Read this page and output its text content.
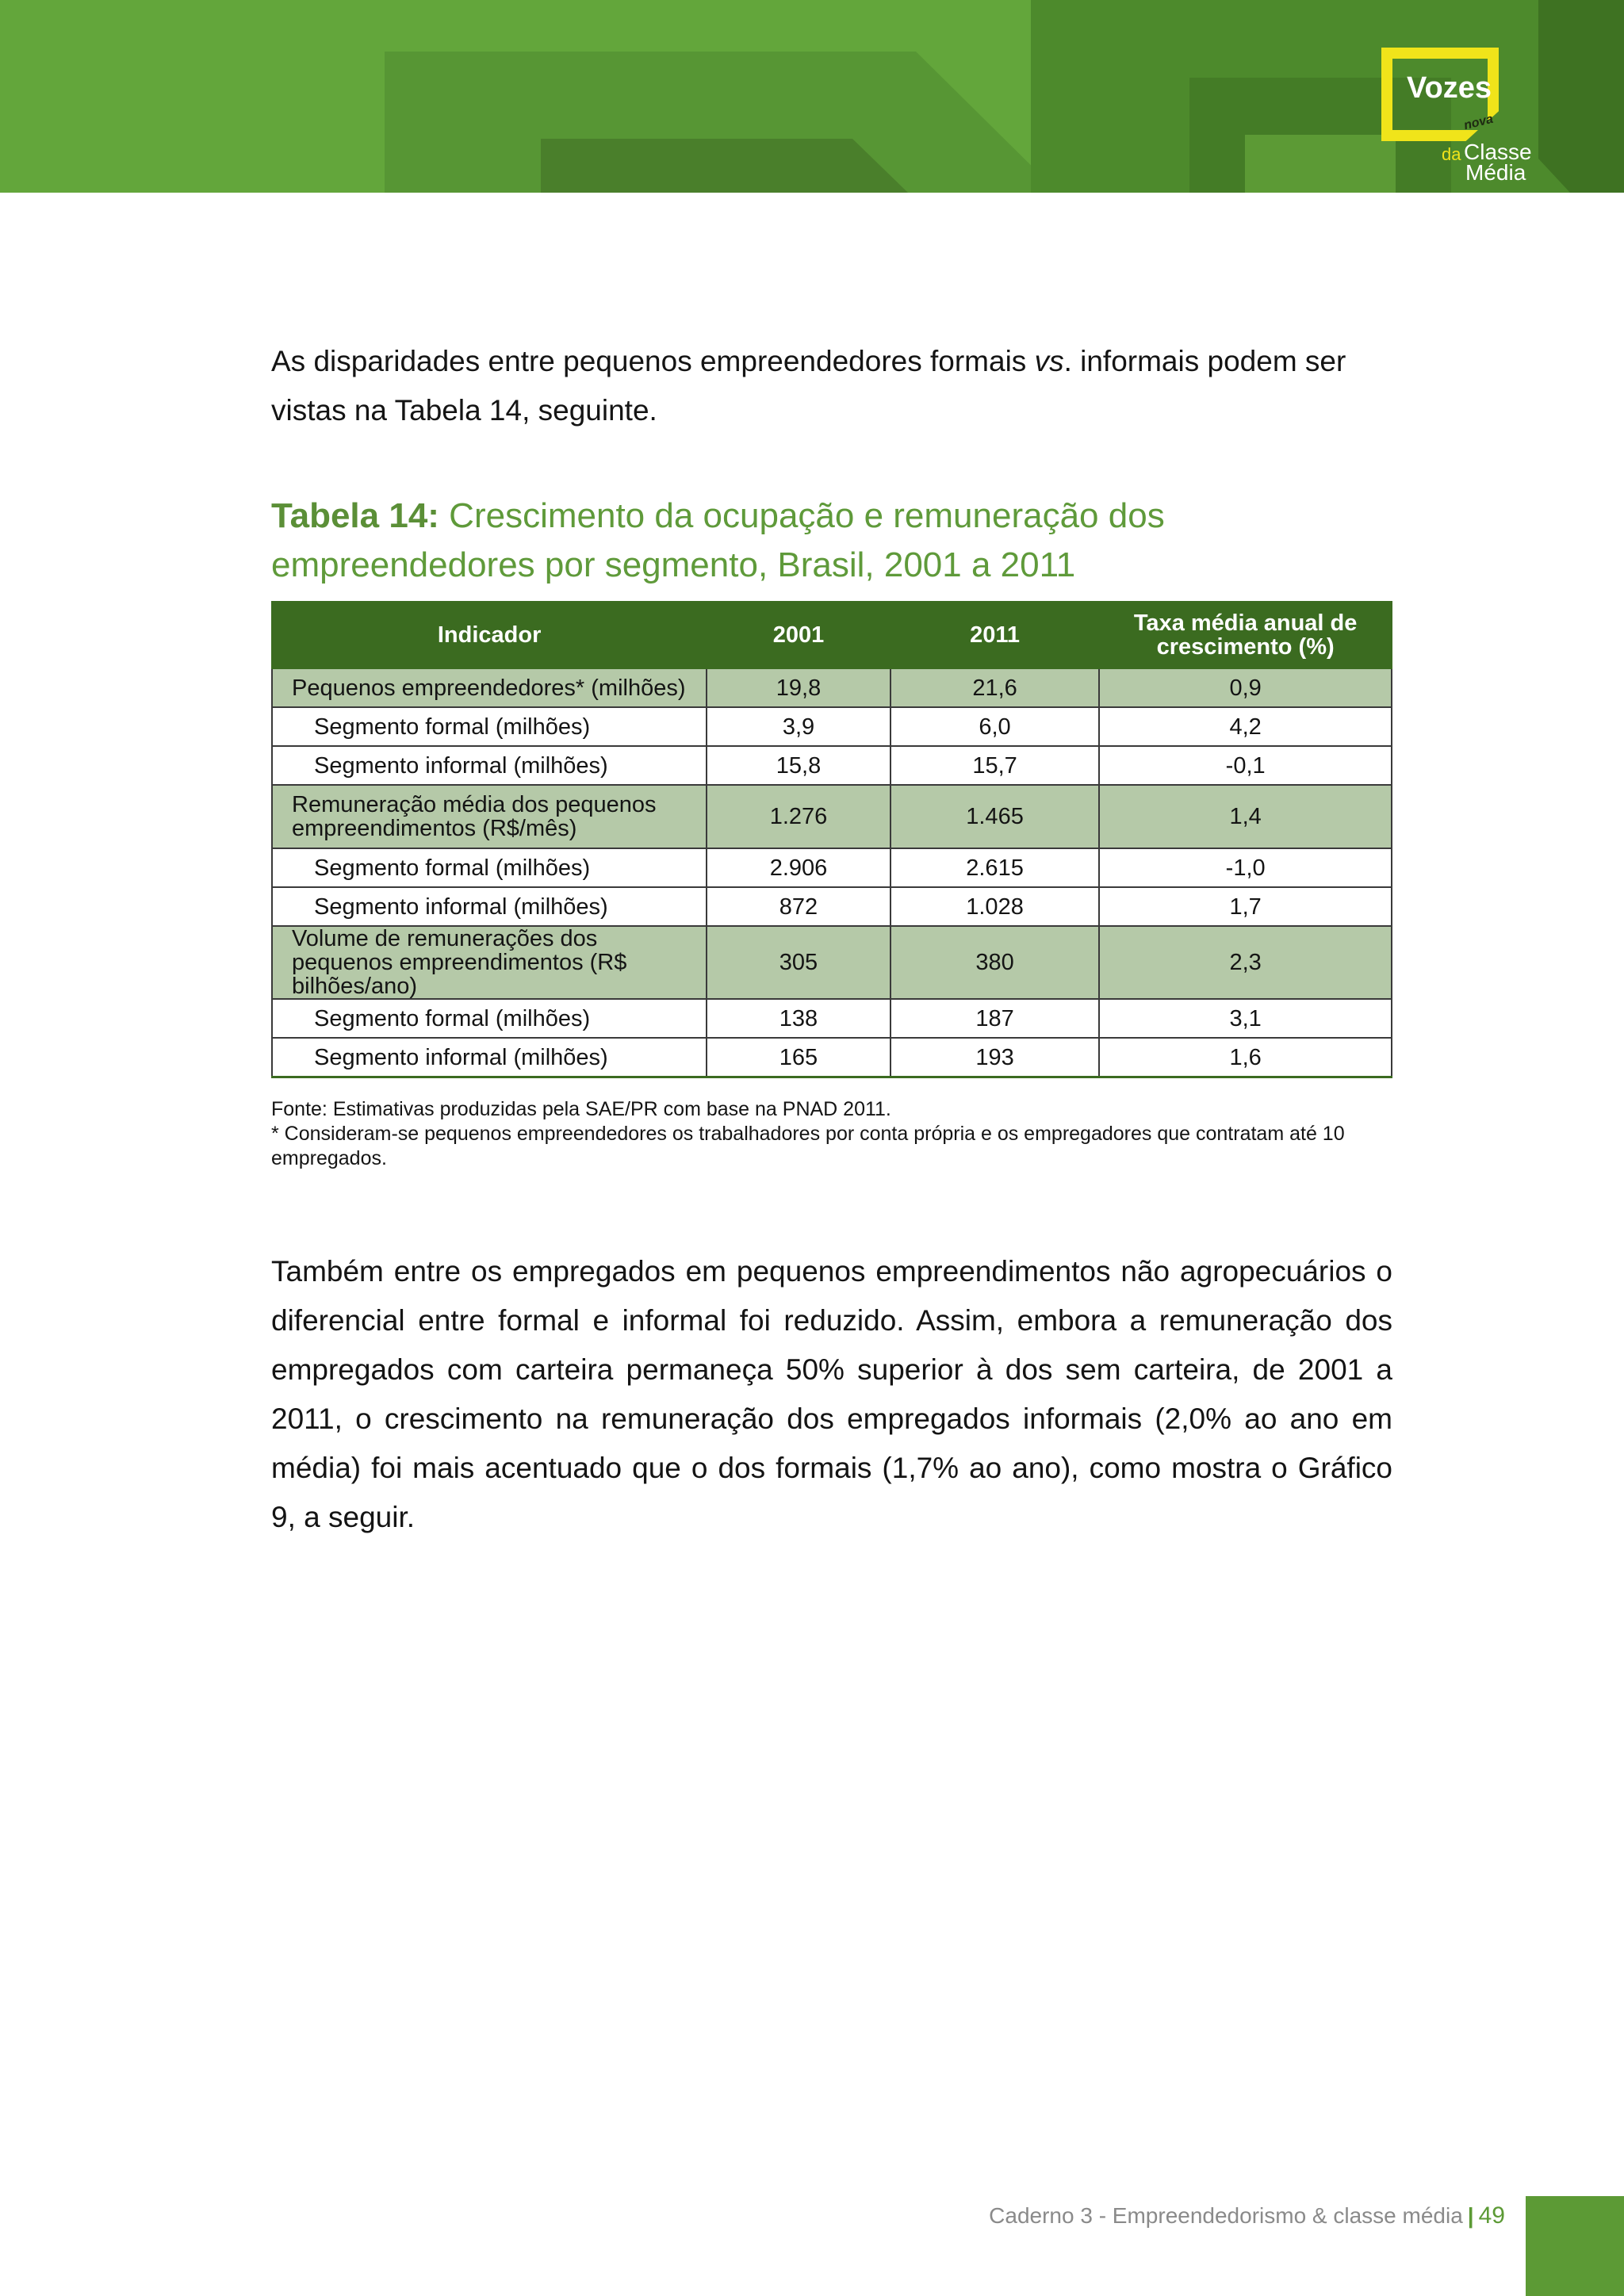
Vozes
nova
da Classe
Média

As disparidades entre pequenos empreendedores formais vs. informais podem ser vistas na Tabela 14, seguinte.

Tabela 14: Crescimento da ocupação e remuneração dos empreendedores por segmento, Brasil, 2001 a 2011
Indicador	2001	2011	Taxa média anual de crescimento (%)
Pequenos empreendedores* (milhões)	19,8	21,6	0,9
Segmento formal (milhões)	3,9	6,0	4,2
Segmento informal (milhões)	15,8	15,7	-0,1
Remuneração média dos pequenos empreendimentos (R$/mês)	1.276	1.465	1,4
Segmento formal (milhões)	2.906	2.615	-1,0
Segmento informal (milhões)	872	1.028	1,7
Volume de remunerações dos pequenos empreendimentos (R$ bilhões/ano)	305	380	2,3
Segmento formal (milhões)	138	187	3,1
Segmento informal (milhões)	165	193	1,6

Fonte: Estimativas produzidas pela SAE/PR com base na PNAD 2011.

* Consideram-se pequenos empreendedores os trabalhadores por conta própria e os empregadores que contratam até 10 empregados.

Também entre os empregados em pequenos empreendimentos não agropecuários o diferencial entre formal e informal foi reduzido. Assim, embora a remuneração dos empregados com carteira permaneça 50% superior à dos sem carteira, de 2001 a 2011, o crescimento na remuneração dos empregados informais (2,0% ao ano em média) foi mais acentuado que o dos formais (1,7% ao ano), como mostra o Gráfico 9, a seguir.

Caderno 3 - Empreendedorismo & classe média | 49
